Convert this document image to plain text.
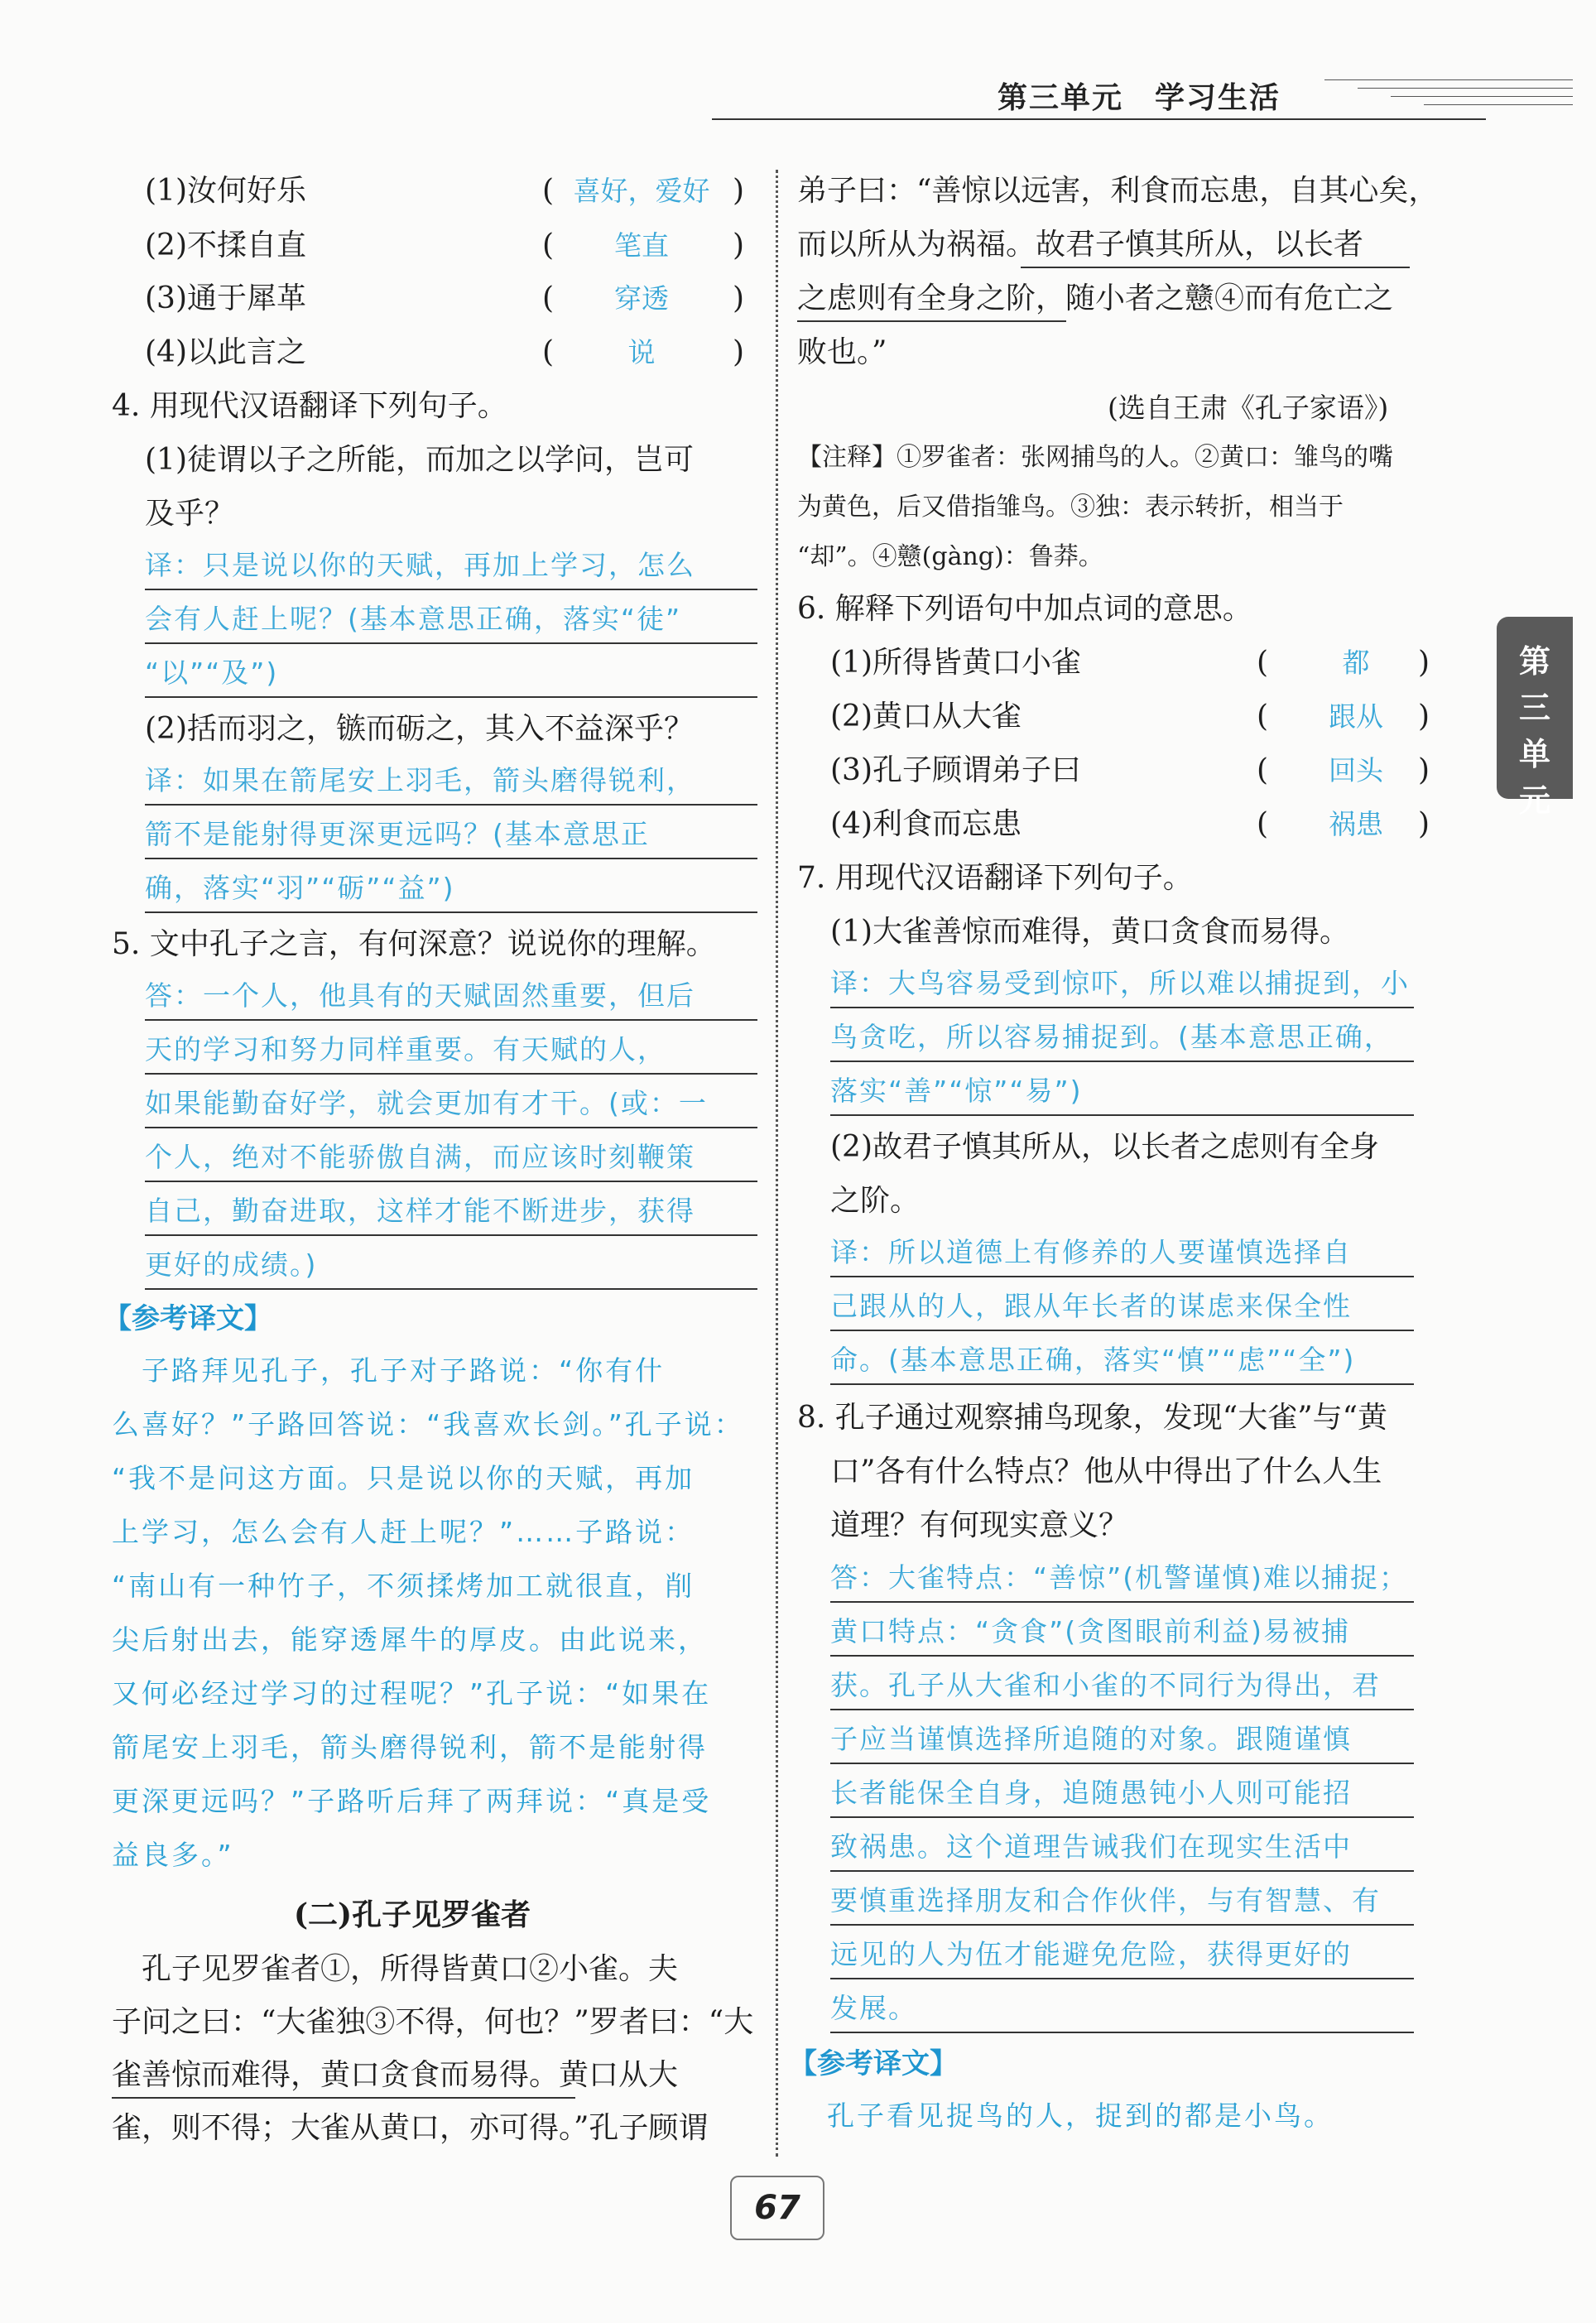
第三单元　学习生活
(1)汝何好乐	( 喜好，爱好 )
(2)不揉自直	(	笔直	)
(3)通于犀革	(	穿透	)
(4)以此言之	(	说	)
4. 用现代汉语翻译下列句子。
(1)徒谓以子之所能，而加之以学问，岂可
及乎？
译：只是说以你的天赋，再加上学习，怎么
会有人赶上呢？(基本意思正确，落实“徒”
“以”“及”)
(2)括而羽之，镞而砺之，其入不益深乎？
译：如果在箭尾安上羽毛，箭头磨得锐利，
箭不是能射得更深更远吗？(基本意思正
确，落实“羽”“砺”“益”)
5. 文中孔子之言，有何深意？说说你的理解。
答：一个人，他具有的天赋固然重要，但后
天的学习和努力同样重要。有天赋的人，
如果能勤奋好学，就会更加有才干。(或：一
个人，绝对不能骄傲自满，而应该时刻鞭策
自己，勤奋进取，这样才能不断进步，获得
更好的成绩。)
【参考译文】
　子路拜见孔子，孔子对子路说：“你有什
么喜好？”子路回答说：“我喜欢长剑。”孔子说：
“我不是问这方面。只是说以你的天赋，再加
上学习，怎么会有人赶上呢？”……子路说：
“南山有一种竹子，不须揉烤加工就很直，削
尖后射出去，能穿透犀牛的厚皮。由此说来，
又何必经过学习的过程呢？”孔子说：“如果在
箭尾安上羽毛，箭头磨得锐利，箭不是能射得
更深更远吗？”子路听后拜了两拜说：“真是受
益良多。”
(二)孔子见罗雀者
　孔子见罗雀者①，所得皆黄口②小雀。夫
子问之曰：“大雀独③不得，何也？”罗者曰：“大
雀善惊而难得，黄口贪食而易得。黄口从大
雀，则不得；大雀从黄口，亦可得。”孔子顾谓
弟子曰：“善惊以远害，利食而忘患，自其心矣，
而以所从为祸福。故君子慎其所从，以长者
之虑则有全身之阶，随小者之戆④而有危亡之
败也。”
(选自王肃《孔子家语》)
【注释】①罗雀者：张网捕鸟的人。②黄口：雏鸟的嘴
为黄色，后又借指雏鸟。③独：表示转折，相当于
“却”。④戆(gàng)：鲁莽。
6. 解释下列语句中加点词的意思。
(1)所得皆黄口小雀	(	都	)
(2)黄口从大雀	(	跟从	)
(3)孔子顾谓弟子曰	(	回头	)
(4)利食而忘患	(	祸患	)
7. 用现代汉语翻译下列句子。
(1)大雀善惊而难得，黄口贪食而易得。
译：大鸟容易受到惊吓，所以难以捕捉到，小
鸟贪吃，所以容易捕捉到。(基本意思正确，
落实“善”“惊”“易”)
(2)故君子慎其所从，以长者之虑则有全身
之阶。
译：所以道德上有修养的人要谨慎选择自
己跟从的人，跟从年长者的谋虑来保全性
命。(基本意思正确，落实“慎”“虑”“全”)
8. 孔子通过观察捕鸟现象，发现“大雀”与“黄
口”各有什么特点？他从中得出了什么人生
道理？有何现实意义？
答：大雀特点：“善惊”(机警谨慎)难以捕捉；
黄口特点：“贪食”(贪图眼前利益)易被捕
获。孔子从大雀和小雀的不同行为得出，君
子应当谨慎选择所追随的对象。跟随谨慎
长者能保全自身，追随愚钝小人则可能招
致祸患。这个道理告诫我们在现实生活中
要慎重选择朋友和合作伙伴，与有智慧、有
远见的人为伍才能避免危险，获得更好的
发展。
【参考译文】
　孔子看见捉鸟的人，捉到的都是小鸟。
第三单元
67
